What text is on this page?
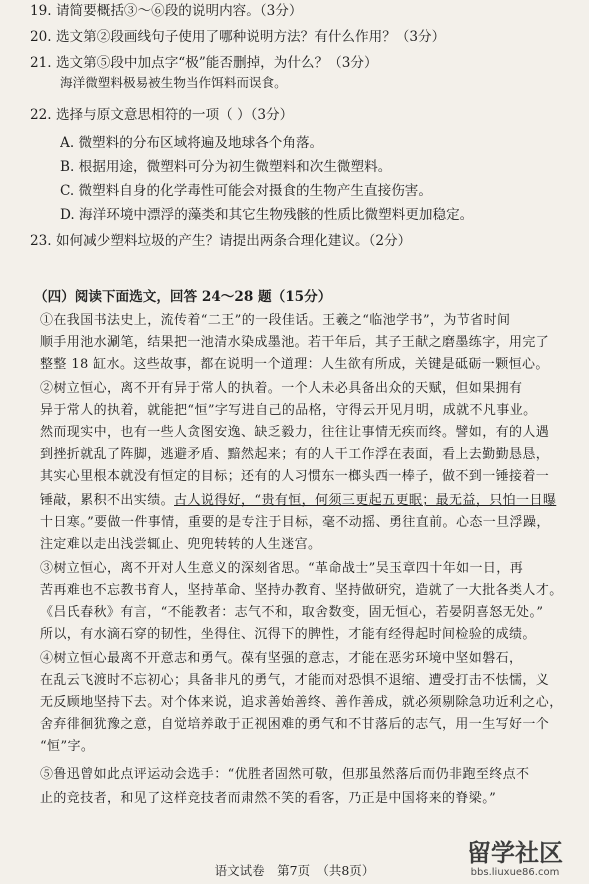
19. 请简要概括③～⑥段的说明内容。（3分）
20. 选文第②段画线句子使用了哪种说明方法？有什么作用？（3分）
21. 选文第⑤段中加点字“极”能否删掉，为什么？（3分）
海洋微塑料极易被生物当作饵料而误食。
22. 选择与原文意思相符的一项（ ）（3分）
A. 微塑料的分布区域将遍及地球各个角落。
B. 根据用途，微塑料可分为初生微塑料和次生微塑料。
C. 微塑料自身的化学毒性可能会对摄食的生物产生直接伤害。
D. 海洋环境中漂浮的藻类和其它生物残骸的性质比微塑料更加稳定。
23. 如何减少塑料垃圾的产生？请提出两条合理化建议。（2分）
（四）阅读下面选文，回答 24～28 题（15分）
①在我国书法史上，流传着“二王”的一段佳话。王羲之“临池学书”，为节省时间
顺手用池水涮笔，结果把一池清水染成墨池。若干年后，其子王献之磨墨练字，用完了
整整 18 缸水。这些故事，都在说明一个道理：人生欲有所成，关键是砥砺一颗恒心。
②树立恒心，离不开有异于常人的执着。一个人未必具备出众的天赋，但如果拥有
异于常人的执着，就能把“恒”字写进自己的品格，守得云开见月明，成就不凡事业。
然而现实中，也有一些人贪图安逸、缺乏毅力，往往让事情无疾而终。譬如，有的人遇
到挫折就乱了阵脚，逃避矛盾、黯然起来；有的人干工作浮在表面，看上去勤勤恳恳，
其实心里根本就没有恒定的目标；还有的人习惯东一榔头西一棒子，做不到一锤接着一
锤敲，累积不出实绩。古人说得好，“贵有恒，何须三更起五更眠；最无益，只怕一日曝
十日寒。”要做一件事情，重要的是专注于目标，毫不动摇、勇往直前。心态一旦浮躁，
注定难以走出浅尝辄止、兜兜转转的人生迷宫。
③树立恒心，离不开对人生意义的深刻省思。“革命战士”吴玉章四十年如一日，再
苦再难也不忘教书育人，坚持革命、坚持办教育、坚持做研究，造就了一大批各类人才。
《吕氏春秋》有言，“不能教者：志气不和，取舍数变，固无恒心，若晏阴喜怒无处。”
所以，有水滴石穿的韧性，坐得住、沉得下的脾性，才能有经得起时间检验的成绩。
④树立恒心最离不开意志和勇气。葆有坚强的意志，才能在恶劣环境中坚如磐石，
在乱云飞渡时不忘初心；具备非凡的勇气，才能而对恐惧不退缩、遭受打击不怯懦，义
无反顾地坚持下去。对个体来说，追求善始善终、善作善成，就必须剔除急功近利之心，
舍弃徘徊犹豫之意，自觉培养敢于正视困难的勇气和不甘落后的志气，用一生写好一个
“恒”字。
⑤鲁迅曾如此点评运动会选手：“优胜者固然可敬，但那虽然落后而仍非跑至终点不
止的竞技者，和见了这样竞技者而肃然不笑的看客，乃正是中国将来的脊梁。”
语文试卷　第7页　（共8页）
留学社区
bbs.liuxue86.com
